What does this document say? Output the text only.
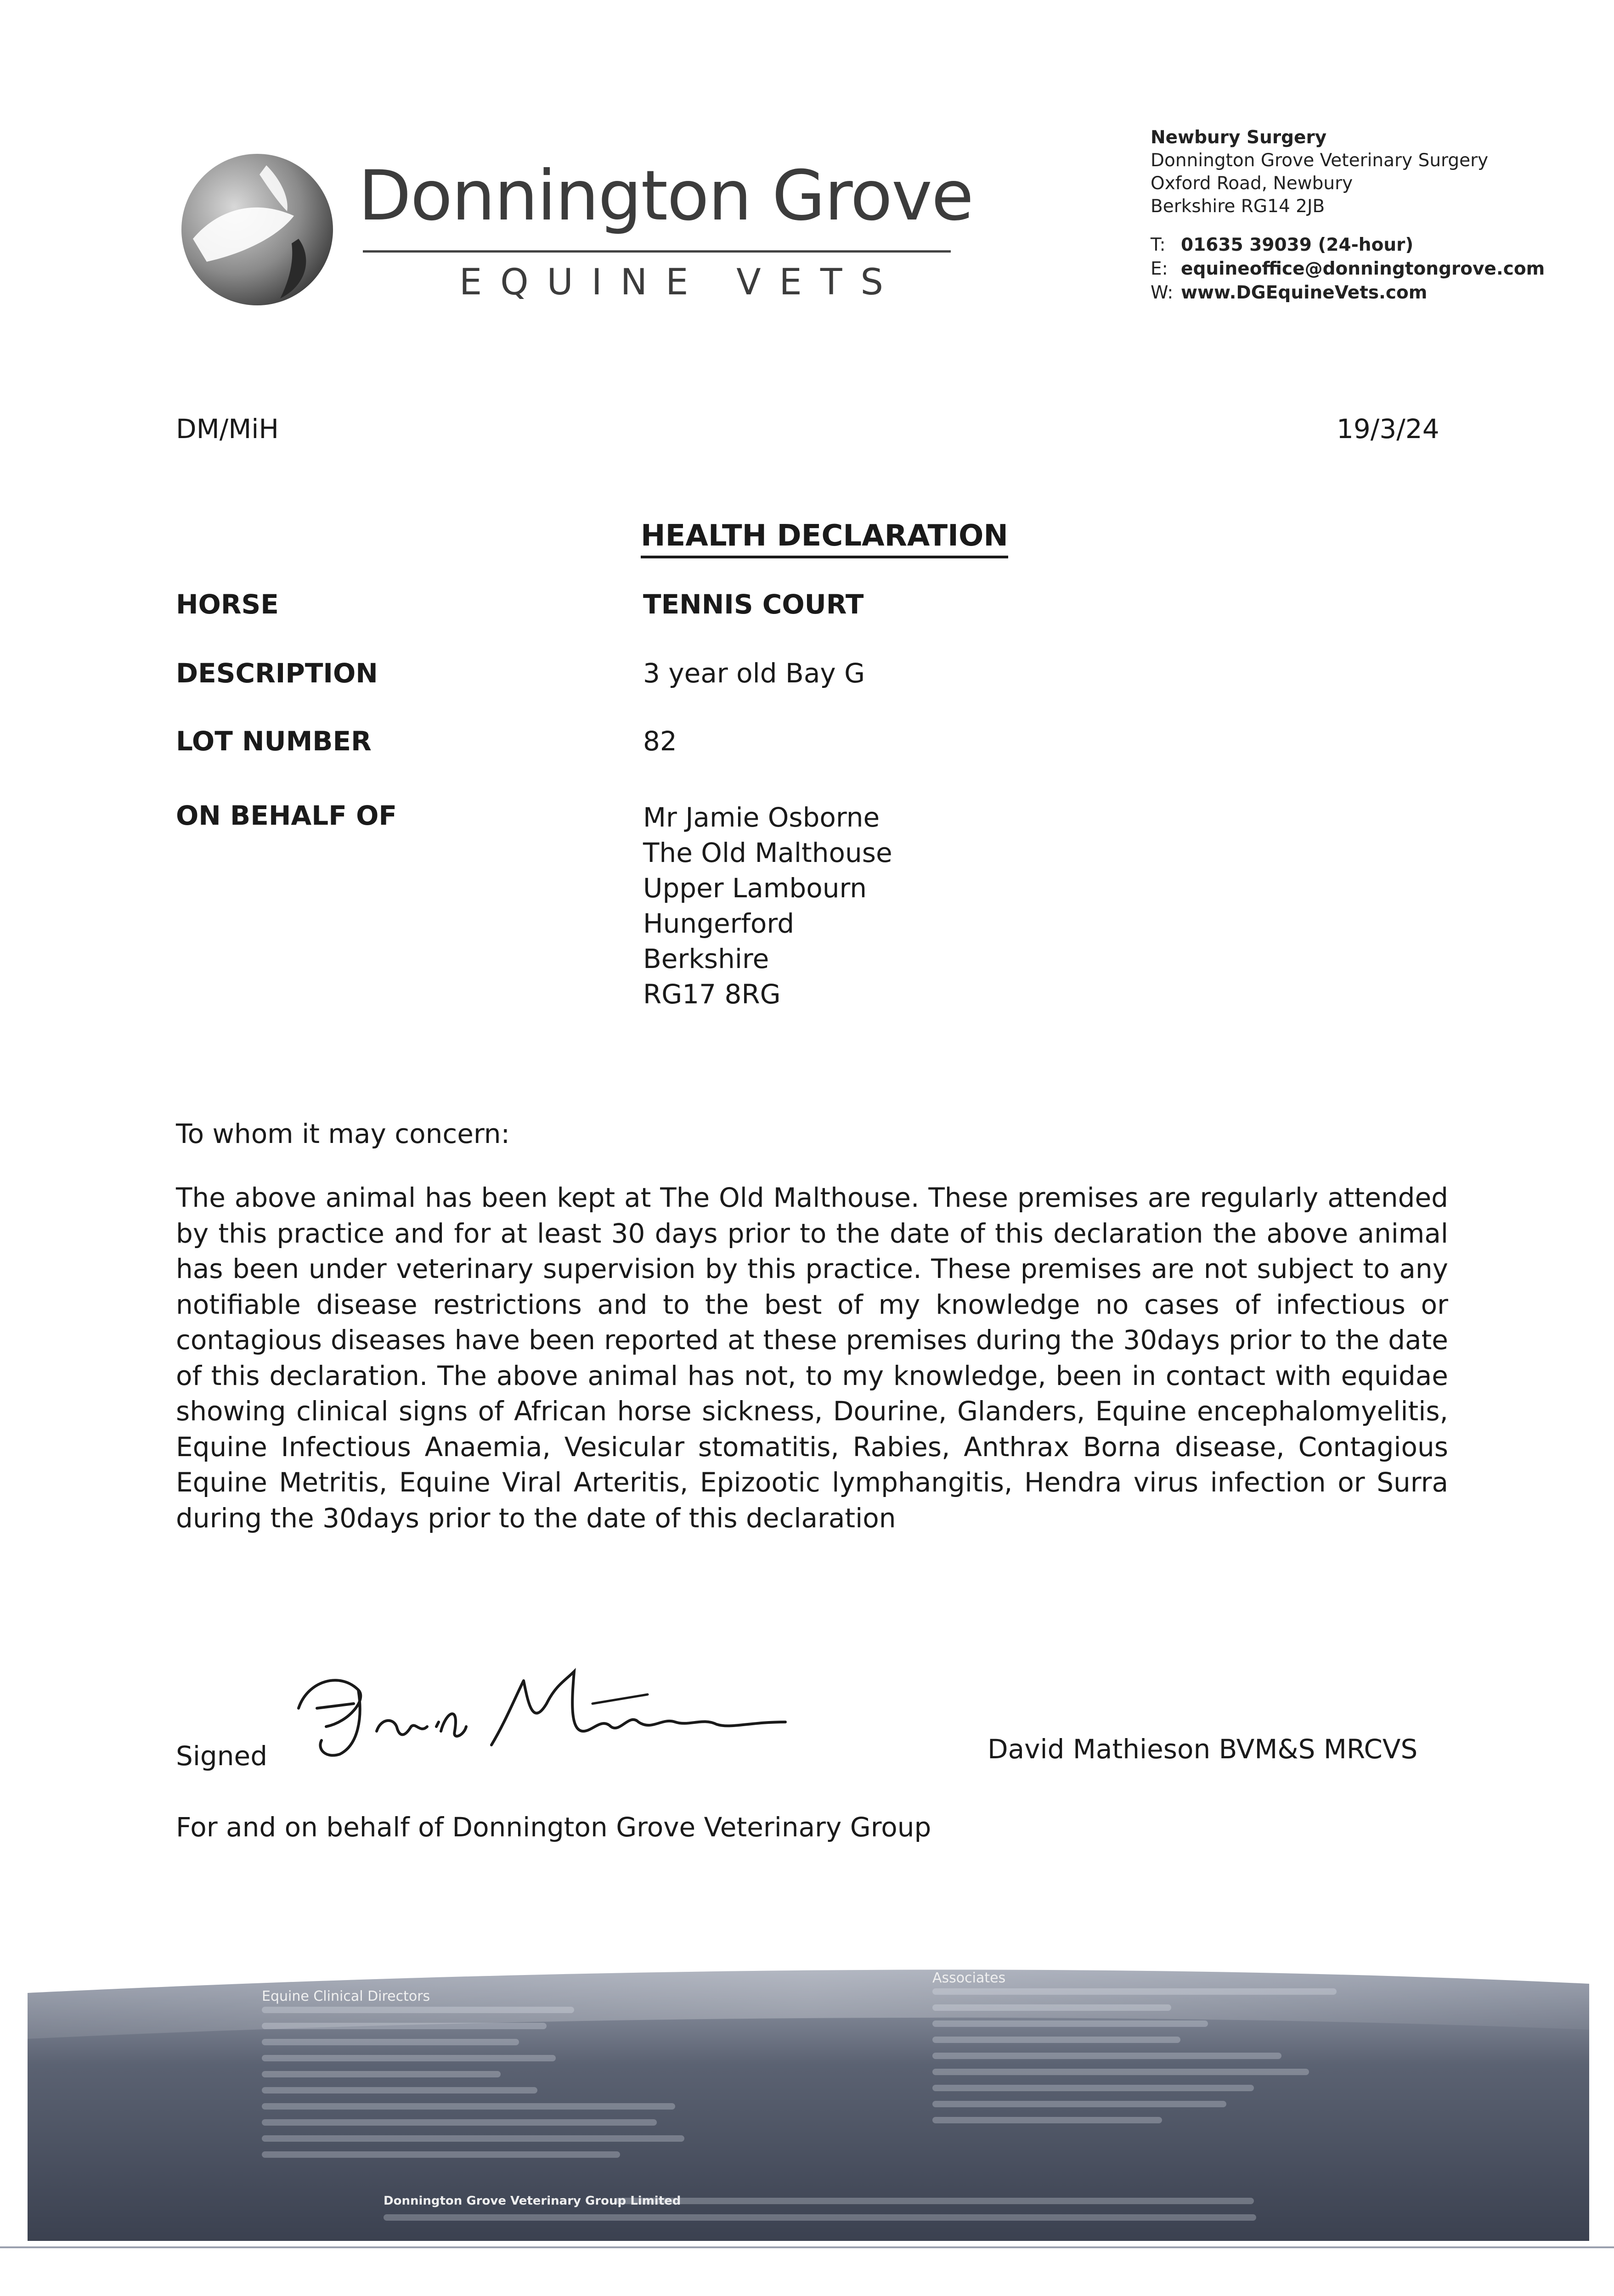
Donnington Grove
EQUINE VETS
Newbury Surgery
Donnington Grove Veterinary Surgery
Oxford Road, Newbury
Berkshire RG14 2JB
T: 01635 39039 (24-hour)
E: equineoffice@donningtongrove.com
W: www.DGEquineVets.com
DM/MiH	19/3/24
HEALTH DECLARATION
HORSE	TENNIS COURT
DESCRIPTION	3 year old Bay G
LOT NUMBER	82
ON BEHALF OF	Mr Jamie Osborne
The Old Malthouse
Upper Lambourn
Hungerford
Berkshire
RG17 8RG
To whom it may concern:
The above animal has been kept at The Old Malthouse. These premises are regularly attended by this practice and for at least 30 days prior to the date of this declaration the above animal has been under veterinary supervision by this practice. These premises are not subject to any notifiable disease restrictions and to the best of my knowledge no cases of infectious or contagious diseases have been reported at these premises during the 30days prior to the date of this declaration. The above animal has not, to my knowledge, been in contact with equidae showing clinical signs of African horse sickness, Dourine, Glanders, Equine encephalomyelitis, Equine Infectious Anaemia, Vesicular stomatitis, Rabies, Anthrax Borna disease, Contagious Equine Metritis, Equine Viral Arteritis, Epizootic lymphangitis, Hendra virus infection or Surra during the 30days prior to the date of this declaration
Signed	David Mathieson BVM&S MRCVS
For and on behalf of Donnington Grove Veterinary Group
Equine Clinical Directors
Associates
Donnington Grove Veterinary Group Limited
